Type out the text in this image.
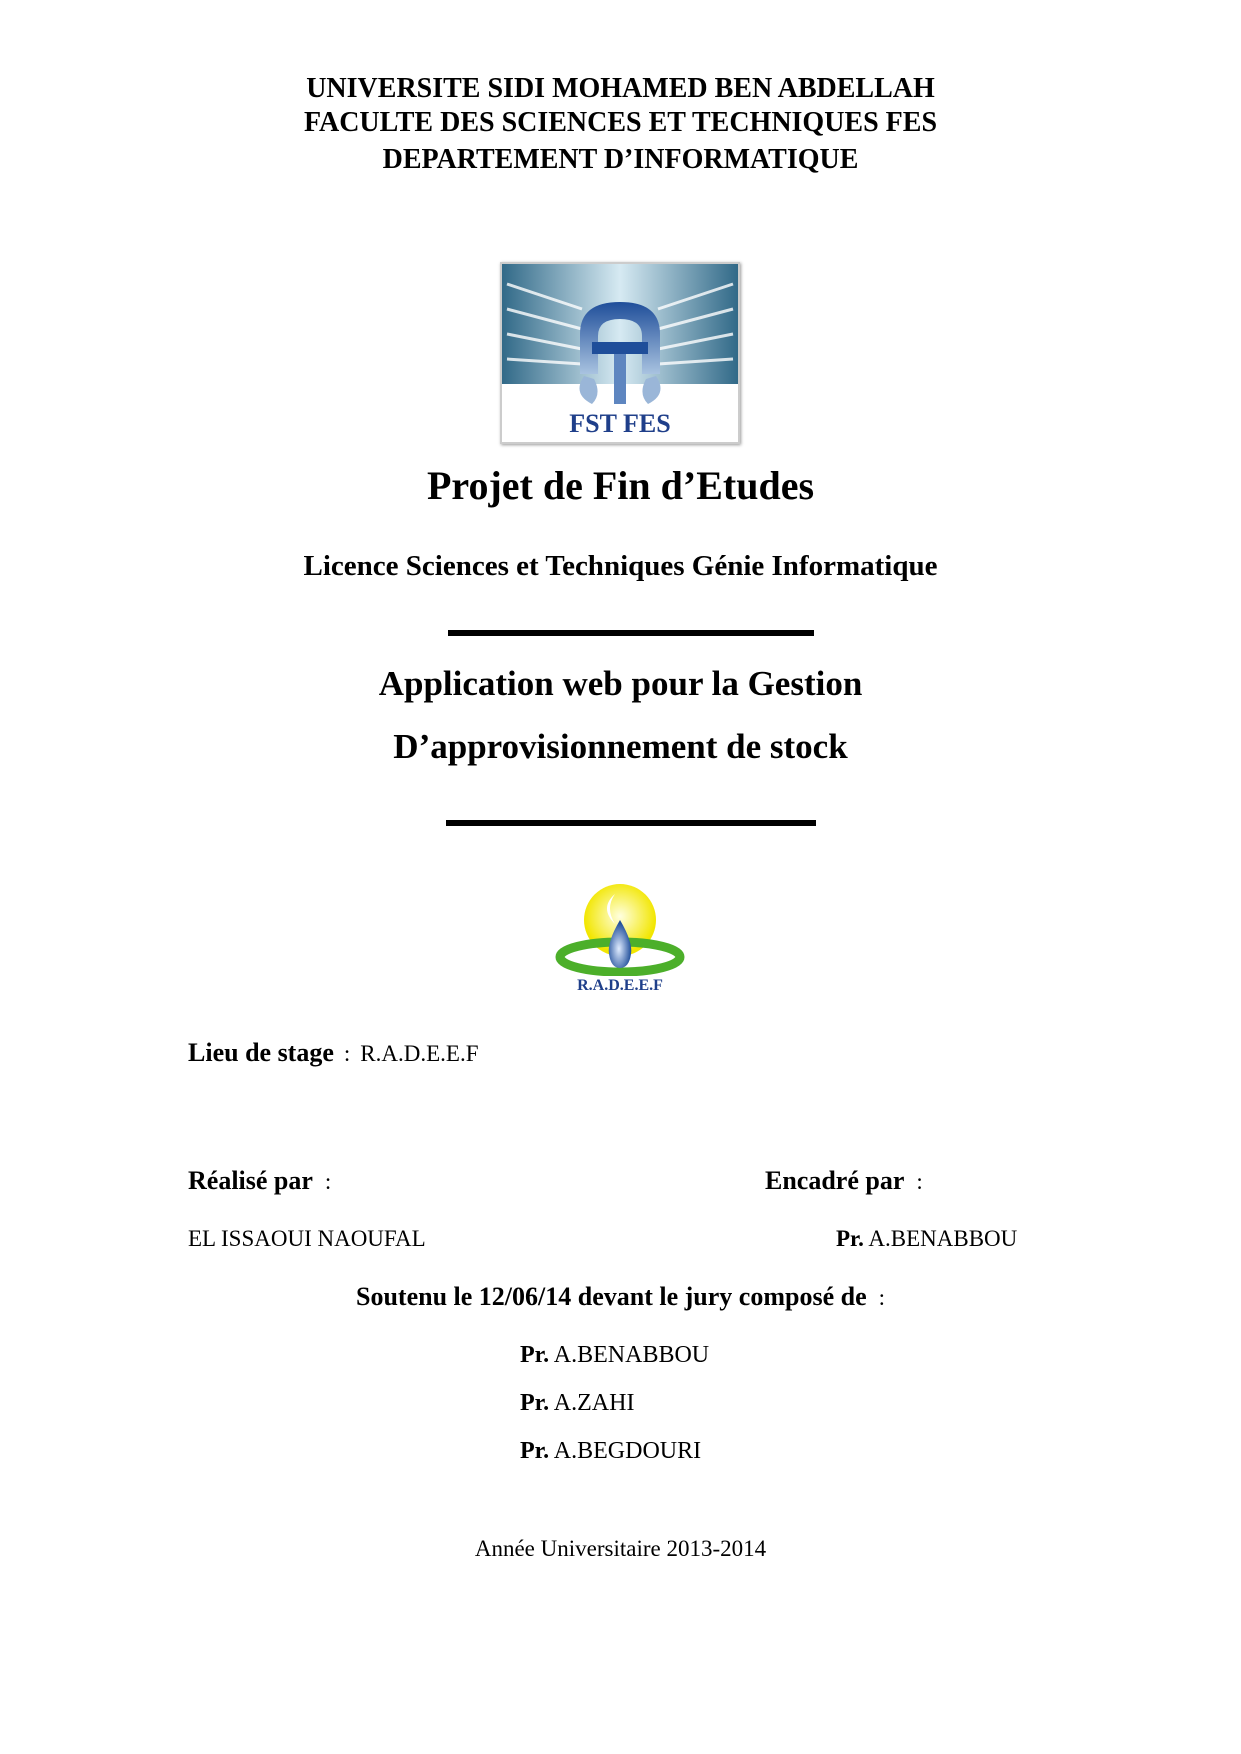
UNIVERSITE SIDI MOHAMED BEN ABDELLAH
FACULTE DES SCIENCES ET TECHNIQUES FES
DEPARTEMENT D’INFORMATIQUE
FST FES
Projet de Fin d’Etudes
Licence Sciences et Techniques Génie Informatique
Application web pour la Gestion
D’approvisionnement de stock
R.A.D.E.E.F
Lieu de stage : R.A.D.E.E.F
Réalisé par :
EL ISSAOUI NAOUFAL
Encadré par :
Pr. A.BENABBOU
Soutenu le 12/06/14 devant le jury composé de :
Pr. A.BENABBOU
Pr. A.ZAHI
Pr. A.BEGDOURI
Année Universitaire 2013-2014
